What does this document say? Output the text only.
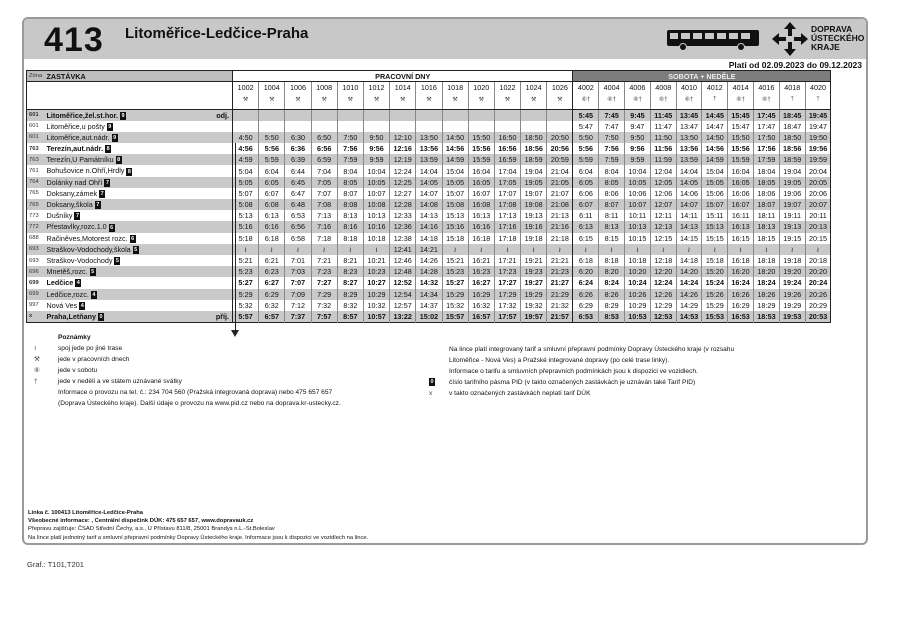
413 Litoměřice-Ledčice-Praha	DOPRAVA
ÚSTECKÉHO
KRAJE
Platí od 02.09.2023 do 09.12.2023
Zóna	ZASTÁVKA		PRACOVNÍ DNY													SOBOTA + NEDĚLE									
			1002	1004	1006	1008	1010	1012	1014	1016	1018	1020	1022	1024	1026	4002	4004	4006	4008	4010	4012	4014	4016	4018	4020
			⚒	⚒	⚒	⚒	⚒	⚒	⚒	⚒	⚒	⚒	⚒	⚒	⚒	⑥†	⑥†	⑥†	⑥†	⑥†	†	⑥†	⑥†	†	†
601	Litoměřice,žel.st.hor. 9	odj.														5:45	7:45	9:45	11:45	13:45	14:45	15:45	17:45	18:45	19:45
601	Litoměřice,u pošty 9															5:47	7:47	9:47	11:47	13:47	14:47	15:47	17:47	18:47	19:47
601	Litoměřice,aut.nádr. 9		4:50	5:50	6:30	6:50	7:50	9:50	12:10	13:50	14:50	15:50	16:50	18:50	20:50	5:50	7:50	9:50	11:50	13:50	14:50	15:50	17:50	18:50	19:50
763	Terezín,aut.nádr. 8		4:56	5:56	6:36	6:56	7:56	9:56	12:16	13:56	14:56	15:56	16:56	18:56	20:56	5:56	7:56	9:56	11:56	13:56	14:56	15:56	17:56	18:56	19:56
763	Terezín,U Památníku 8		4:59	5:59	6:39	6:59	7:59	9:59	12:19	13:59	14:59	15:59	16:59	18:59	20:59	5:59	7:59	9:59	11:59	13:59	14:59	15:59	17:59	18:59	19:59
761	Bohušovice n.Ohří,Hrdly 8		5:04	6:04	6:44	7:04	8:04	10:04	12:24	14:04	15:04	16:04	17:04	19:04	21:04	6:04	8:04	10:04	12:04	14:04	15:04	16:04	18:04	19:04	20:04
764	Dolánky nad Ohří 7		5:05	6:05	6:45	7:05	8:05	10:05	12:25	14:05	15:05	16:05	17:05	19:05	21:05	6:05	8:05	10:05	12:05	14:05	15:05	16:05	18:05	19:05	20:05
765	Doksany,zámek 7		5:07	6:07	6:47	7:07	8:07	10:07	12:27	14:07	15:07	16:07	17:07	19:07	21:07	6:06	8:06	10:06	12:06	14:06	15:06	16:06	18:06	19:06	20:06
765	Doksany,škola 7		5:08	6:08	6:48	7:08	8:08	10:08	12:28	14:08	15:08	16:08	17:08	19:08	21:08	6:07	8:07	10:07	12:07	14:07	15:07	16:07	18:07	19:07	20:07
773	Dušníky 7		5:13	6:13	6:53	7:13	8:13	10:13	12:33	14:13	15:13	16:13	17:13	19:13	21:13	6:11	8:11	10:11	12:11	14:11	15:11	16:11	18:11	19:11	20:11
772	Přestavlky,rozc.1.0 6		5:16	6:16	6:56	7:16	8:16	10:16	12:36	14:16	15:16	16:16	17:16	19:16	21:16	6:13	8:13	10:13	12:13	14:13	15:13	16:13	18:13	19:13	20:13
688	Račiněves,Motorest rozc. 6		5:18	6:18	6:58	7:18	8:18	10:18	12:38	14:18	15:18	16:18	17:18	19:18	21:18	6:15	8:15	10:15	12:15	14:15	15:15	16:15	18:15	19:15	20:15
693	Straškov-Vodochody,škola 5		≀	≀	≀	≀	≀	≀	12:41	14:21	≀	≀	≀	≀	≀	≀	≀	≀	≀	≀	≀	≀	≀	≀	≀
693	Straškov-Vodochody 5		5:21	6:21	7:01	7:21	8:21	10:21	12:46	14:26	15:21	16:21	17:21	19:21	21:21	6:18	8:18	10:18	12:18	14:18	15:18	16:18	18:18	19:18	20:18
696	Mnetěš,rozc. 5		5:23	6:23	7:03	7:23	8:23	10:23	12:48	14:28	15:23	16:23	17:23	19:23	21:23	6:20	8:20	10:20	12:20	14:20	15:20	16:20	18:20	19:20	20:20
699	Ledčice 4		5:27	6:27	7:07	7:27	8:27	10:27	12:52	14:32	15:27	16:27	17:27	19:27	21:27	6:24	8:24	10:24	12:24	14:24	15:24	16:24	18:24	19:24	20:24
699	Ledčice,rozc. 4		5:29	6:29	7:09	7:29	8:29	10:29	12:54	14:34	15:29	16:29	17:29	19:29	21:29	6:26	8:26	10:26	12:26	14:26	15:26	16:26	18:26	19:26	20:26
997	Nová Ves 4		5:32	6:32	7:12	7:32	8:32	10:32	12:57	14:37	15:32	16:32	17:32	19:32	21:32	6:29	8:29	10:29	12:29	14:29	15:29	16:29	18:29	19:29	20:29
x	Praha,Letňany 0	příj.	5:57	6:57	7:37	7:57	8:57	10:57	13:22	15:02	15:57	16:57	17:57	19:57	21:57	6:53	8:53	10:53	12:53	14:53	15:53	16:53	18:53	19:53	20:53
Poznámky
≀	spoj jede po jiné trase
⚒	jede v pracovních dnech
⑥	jede v sobotu
†	jede v neděli a ve státem uznávané svátky
Informace o provozu na tel. č.: 234 704 560 (Pražská integrovaná doprava) nebo 475 657 657
(Doprava Ústeckého kraje). Další údaje o provozu na www.pid.cz nebo na doprava.kr-ustecky.cz.
Na lince platí integrovaný tarif a smluvní přepravní podmínky Dopravy Ústeckého kraje (v rozsahu
Litoměřice - Nová Ves) a Pražské integrované dopravy (po celé trase linky).
Informace o tarifu a smluvních přepravních podmínkách jsou k dispozici ve vozidlech.
0	číslo tarifního pásma PID (v takto označených zastávkách je uznáván také Tarif PID)
x	v takto označených zastávkách neplatí tarif DÚK
Linka č. 100413 Litoměřice-Ledčice-Praha
Všeobecné informace: , Centrální dispečink DÚK: 475 657 657, www.dopravauk.cz
Přepravu zajišťuje: ČSAD Střední Čechy, a.s., U Přístavu 811/8, 25001 Brandys n.L.-St.Boleslav
Na lince platí jednotný tarif a smluvní přepravní podmínky Dopravy Ústeckého kraje. Informace jsou k dispozici ve vozidlech na lince.
Graf.: T101,T201
